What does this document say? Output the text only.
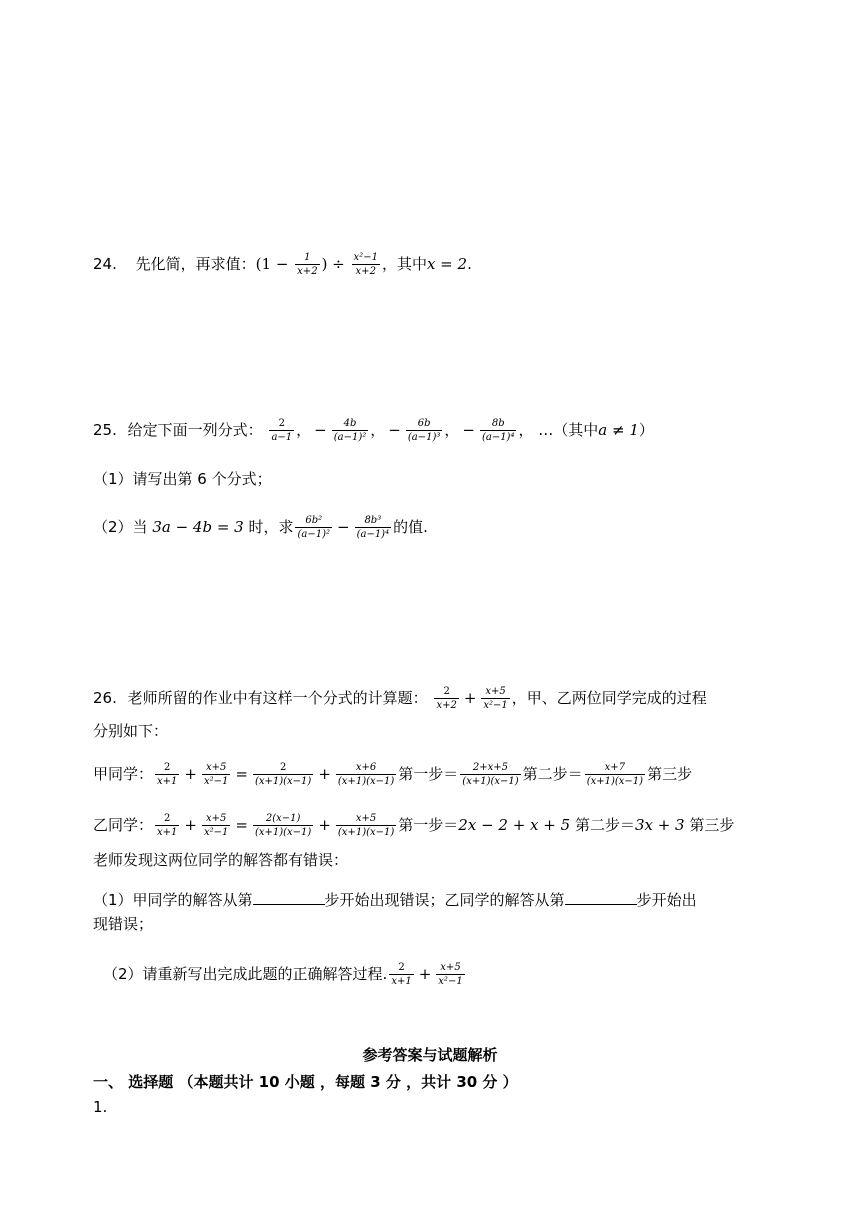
24. 先化简，再求值：($1 - \frac{1}{x+2}$ ) ÷ $\frac{\text{x²−1}}{x+2}$ ，其中x = 2.
25. 给定下面一列分式： $\frac{2}{a-1}$ ， − $\frac{4b}{\text{(a−1)²}}$ ， − $\frac{6b}{\text{(a−1)³}}$ ， − $\frac{8b}{\text{(a−1)⁴}}$ ， …（其中a ≠ 1）
（1）请写出第 6 个分式；
（2）当 3a − 4b = 3 时，求 $\frac{\text{6b²}}{\text{(a−1)²}} - \frac{\text{8b³}}{\text{(a−1)⁴}}$ 的值.
26. 老师所留的作业中有这样一个分式的计算题： $\frac{2}{x+2} + \frac{x+5}{\text{x²−1}}$ ，甲、乙两位同学完成的过程
分别如下：
甲同学： $\frac{2}{x+1} + \frac{x+5}{\text{x²−1}} = \frac{2}{(x+1)(x-1)} + \frac{x+6}{(x+1)(x-1)}$ 第一步＝ $\frac{2+x+5}{(x+1)(x-1)}$ 第二步＝ $\frac{x+7}{(x+1)(x-1)}$ 第三步
乙同学： $\frac{2}{x+1} + \frac{x+5}{\text{x²−1}} = \frac{2(x-1)}{(x+1)(x-1)} + \frac{x+5}{(x+1)(x-1)}$ 第一步＝2x − 2 + x + 5 第二步＝3x + 3 第三步
老师发现这两位同学的解答都有错误：
（1）甲同学的解答从第	步开始出现错误；乙同学的解答从第	步开始出
现错误；
（2）请重新写出完成此题的正确解答过程. $\frac{2}{x+1} + \frac{x+5}{\text{x²−1}}$
参考答案与试题解析
一、 选择题 （本题共计 10 小题 ，每题 3 分 ，共计 30 分 ）
1.
